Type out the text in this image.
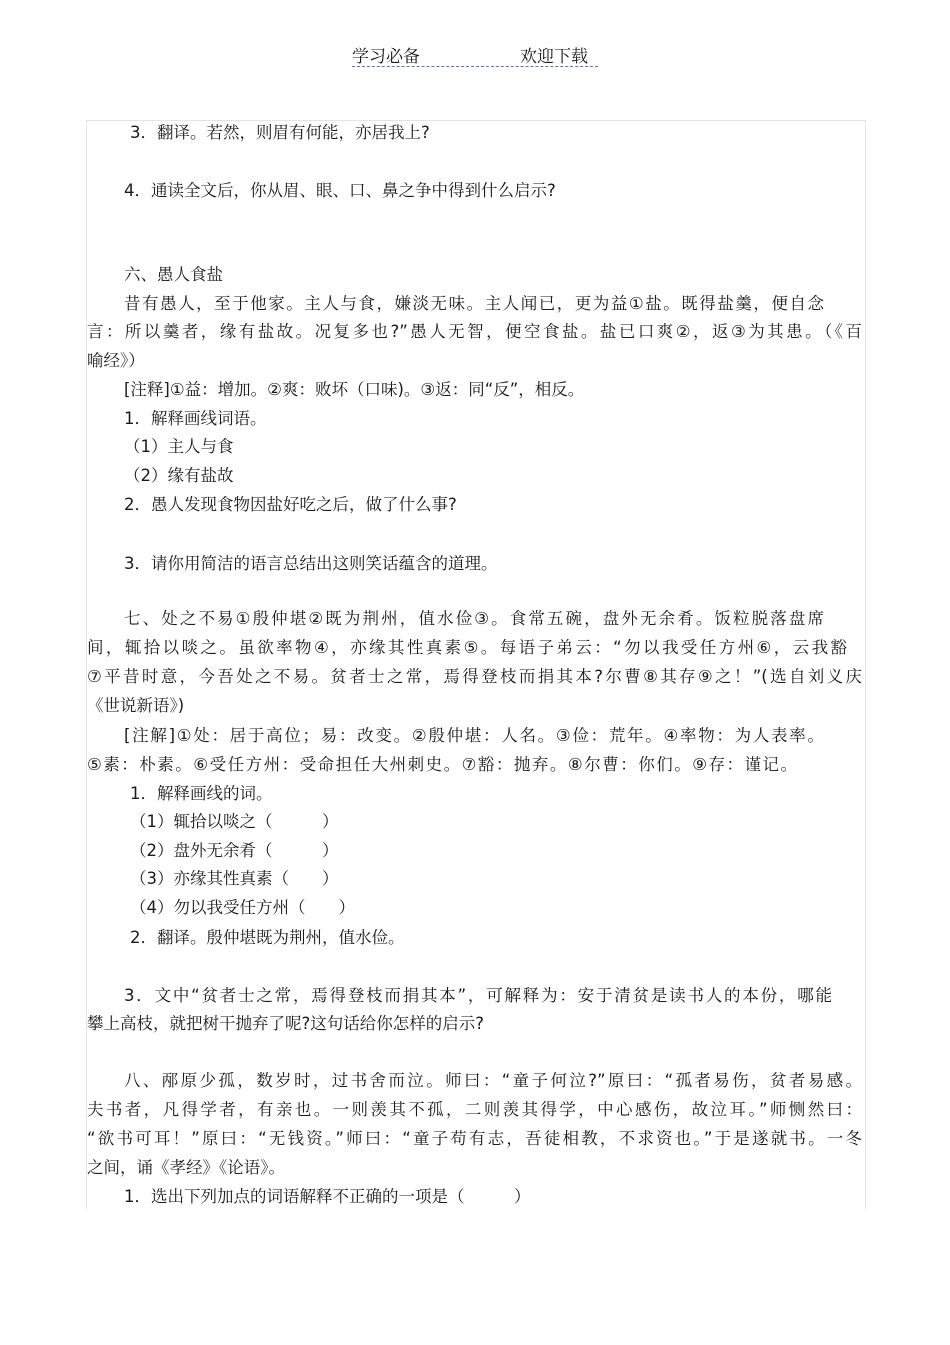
学习必备	欢迎下载
3．翻译。若然，则眉有何能，亦居我上?
4．通读全文后，你从眉、眼、口、鼻之争中得到什么启示?
六、愚人食盐
昔有愚人，至于他家。主人与食，嫌淡无味。主人闻已，更为益①盐。既得盐羹，便自念
言：所以羹者，缘有盐故。况复多也?”愚人无智，便空食盐。盐已口爽②，返③为其患。（《百
喻经》）
[注释]①益：增加。②爽：败坏（口味)。③返：同“反”，相反。
1．解释画线词语。
（1）主人与食
（2）缘有盐故
2．愚人发现食物因盐好吃之后，做了什么事?
3．请你用简洁的语言总结出这则笑话蕴含的道理。
七、处之不易①殷仲堪②既为荆州，值水俭③。食常五碗，盘外无余肴。饭粒脱落盘席
间，辄拾以啖之。虽欲率物④，亦缘其性真素⑤。每语子弟云：“勿以我受任方州⑥，云我豁
⑦平昔时意，今吾处之不易。贫者士之常，焉得登枝而捐其本?尔曹⑧其存⑨之！”(选自刘义庆
《世说新语》)
[注解]①处：居于高位；易：改变。②殷仲堪：人名。③俭：荒年。④率物：为人表率。
⑤素：朴素。⑥受任方州：受命担任大州刺史。⑦豁：抛弃。⑧尔曹：你们。⑨存：谨记。
1．解释画线的词。
（1）辄拾以啖之（　　　）
（2）盘外无余肴（　　　）
（3）亦缘其性真素（　　）
（4）勿以我受任方州（　　）
2．翻译。殷仲堪既为荆州，值水俭。
3．文中“贫者士之常，焉得登枝而捐其本”，可解释为：安于清贫是读书人的本份，哪能
攀上高枝，就把树干抛弃了呢?这句话给你怎样的启示?
八、邴原少孤，数岁时，过书舍而泣。师曰：“童子何泣?”原曰：“孤者易伤，贫者易感。
夫书者，凡得学者，有亲也。一则羡其不孤，二则羡其得学，中心感伤，故泣耳。”师恻然曰：
“欲书可耳！”原曰：“无钱资。”师曰：“童子苟有志，吾徒相教，不求资也。”于是遂就书。一冬
之间，诵《孝经》《论语》。
1．选出下列加点的词语解释不正确的一项是（　　　）
